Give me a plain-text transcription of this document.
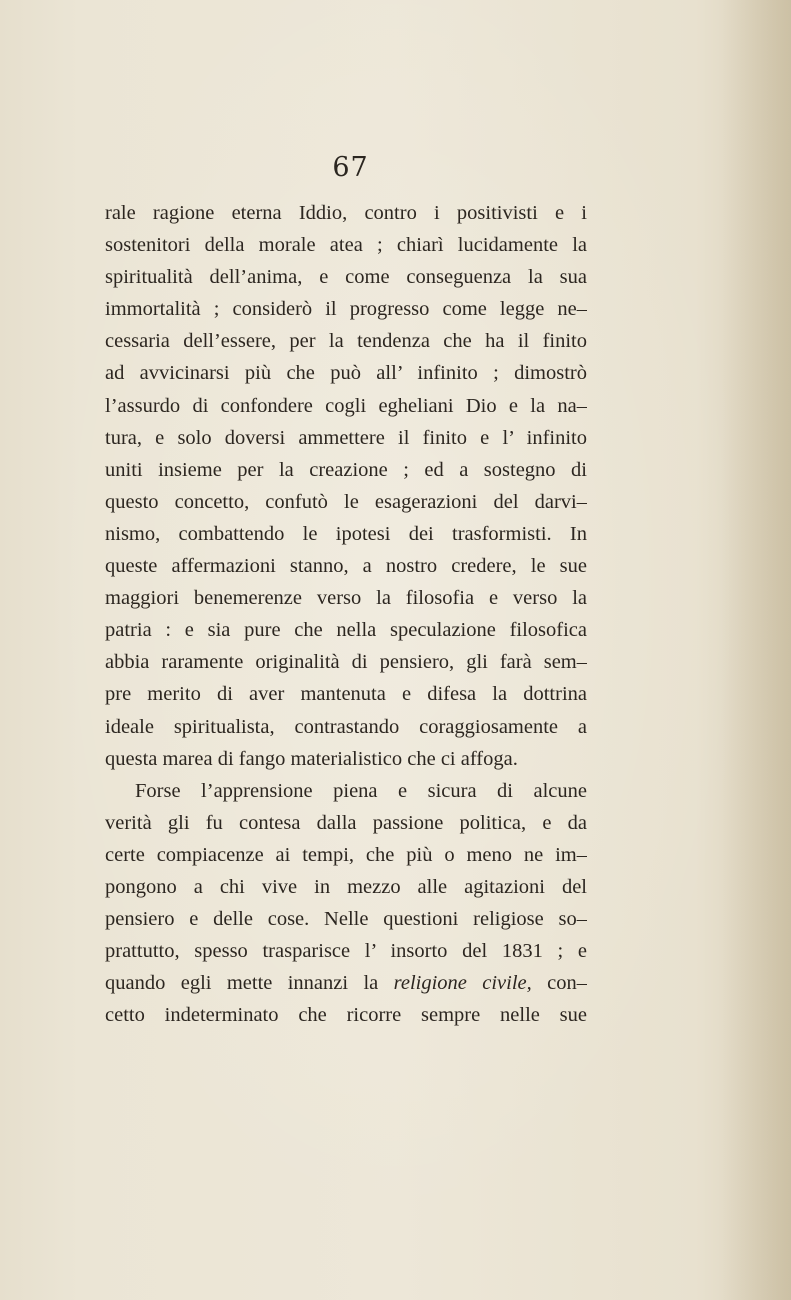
67
rale ragione eterna Iddio, contro i positivisti e i
sostenitori della morale atea ; chiarì lucidamente la
spiritualità dell’anima, e come conseguenza la sua
immortalità ; considerò il progresso come legge ne–
cessaria dell’essere, per la tendenza che ha il finito
ad avvicinarsi più che può all’ infinito ; dimostrò
l’assurdo di confondere cogli egheliani Dio e la na–
tura, e solo doversi ammettere il finito e l’ infinito
uniti insieme per la creazione ; ed a sostegno di
questo concetto, confutò le esagerazioni del darvi–
nismo, combattendo le ipotesi dei trasformisti. In
queste affermazioni stanno, a nostro credere, le sue
maggiori benemerenze verso la filosofia e verso la
patria : e sia pure che nella speculazione filosofica
abbia raramente originalità di pensiero, gli farà sem–
pre merito di aver mantenuta e difesa la dottrina
ideale spiritualista, contrastando coraggiosamente a
questa marea di fango materialistico che ci affoga.
Forse l’apprensione piena e sicura di alcune
verità gli fu contesa dalla passione politica, e da
certe compiacenze ai tempi, che più o meno ne im–
pongono a chi vive in mezzo alle agitazioni del
pensiero e delle cose. Nelle questioni religiose so–
prattutto, spesso trasparisce l’ insorto del 1831 ; e
quando egli mette innanzi la religione civile, con–
cetto indeterminato che ricorre sempre nelle sue
